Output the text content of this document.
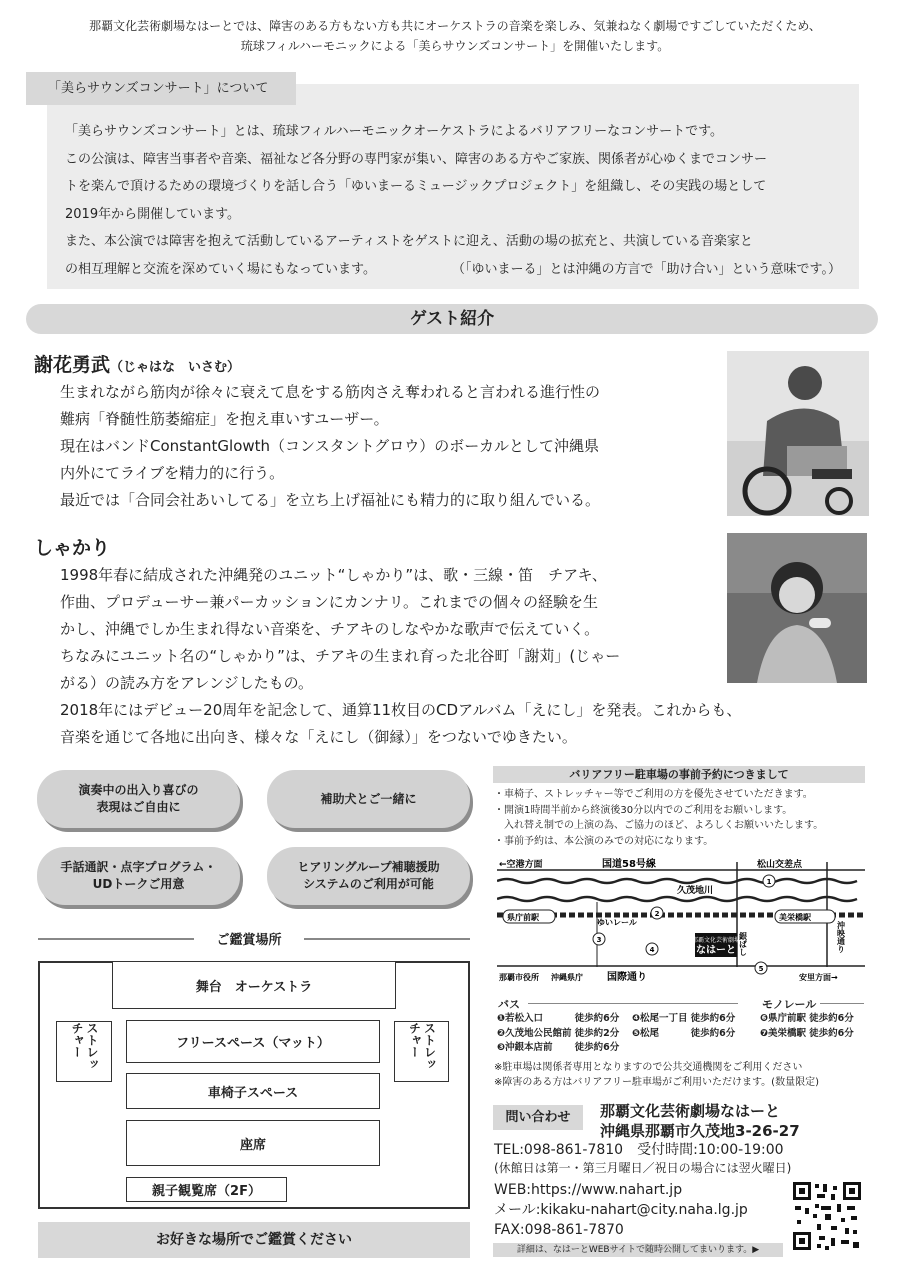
那覇文化芸術劇場なはーとでは、障害のある方もない方も共にオーケストラの音楽を楽しみ、気兼ねなく劇場ですごしていただくため、
琉球フィルハーモニックによる「美らサウンズコンサート」を開催いたします。

「美らサウンズコンサート」とは、琉球フィルハーモニックオーケストラによるバリアフリーなコンサートです。

この公演は、障害当事者や音楽、福祉など各分野の専門家が集い、障害のある方やご家族、関係者が心ゆくまでコンサー

トを楽んで頂けるための環境づくりを話し合う「ゆいまーるミュージックプロジェクト」を組織し、その実践の場として

2019年から開催しています。

また、本公演では障害を抱えて活動しているアーティストをゲストに迎え、活動の場の拡充と、共演している音楽家と

の相互理解と交流を深めていく場にもなっています。	（「ゆいまーる」とは沖縄の方言で「助け合い」という意味です。）

「美らサウンズコンサート」について
ゲスト紹介
謝花勇武（じゃはな　いさむ）
生まれながら筋肉が徐々に衰えて息をする筋肉さえ奪われると言われる進行性の
難病「脊髄性筋萎縮症」を抱え車いすユーザー。
現在はバンドConstantGlowth（コンスタントグロウ）のボーカルとして沖縄県
内外にてライブを精力的に行う。
最近では「合同会社あいしてる」を立ち上げ福祉にも精力的に取り組んでいる。
しゃかり
1998年春に結成された沖縄発のユニット“しゃかり”は、歌・三線・笛　チアキ、
作曲、プロデューサー兼パーカッションにカンナリ。これまでの個々の経験を生
かし、沖縄でしか生まれ得ない音楽を、チアキのしなやかな歌声で伝えていく。
ちなみにユニット名の“しゃかり”は、チアキの生まれ育った北谷町「謝苅」(じゃー
がる）の読み方をアレンジしたもの。
2018年にはデビュー20周年を記念して、通算11枚目のCDアルバム「えにし」を発表。これからも、
音楽を通じて各地に出向き、様々な「えにし（御縁）」をつないでゆきたい。
演奏中の出入り喜びの
表現はご自由に
補助犬とご一緒に
手話通訳・点字プログラム・
UDトークご用意
ヒアリングループ補聴援助
システムのご利用が可能
ご鑑賞場所
舞台　オーケストラ
ストレッチャー	ストレッチャー
フリースペース（マット）
車椅子スペース
座席
親子観覧席（2F）
お好きな場所でご鑑賞ください
バリアフリー駐車場の事前予約につきまして
・車椅子、ストレッチャー等でご利用の方を優先させていただきます。
・開演1時間半前から終演後30分以内でのご利用をお願いします。
　入れ替え制での上演の為、ご協力のほど、よろしくお願いいたします。
・事前予約は、本公演のみでの対応になります。
那覇文化芸術劇場
なはーと
←空港方面	国道58号線	松山交差点
久茂地川
県庁前駅
ゆいレール
美栄橋駅
銀ばし	沖映通り
那覇市役所 沖縄県庁 国際通り	安里方面→
1
2
3
4
5
バス	モノレール
❶若松入口　　　	徒歩約6分
❷久茂地公民館前 徒歩約2分
❸沖銀本店前　　 徒歩約6分
❹松尾一丁目 徒歩約6分
❺松尾　　　	徒歩約6分
❻県庁前駅 徒歩約6分
❼美栄橋駅 徒歩約6分
※駐車場は関係者専用となりますので公共交通機関をご利用ください
※障害のある方はバリアフリー駐車場がご利用いただけます。(数量限定)
問い合わせ	那覇文化芸術劇場なはーと
沖縄県那覇市久茂地3-26-27
TEL:098-861-7810　受付時間:10:00-19:00
(休館日は第一・第三月曜日／祝日の場合には翌火曜日)
WEB:https://www.nahart.jp
メール:kikaku-nahart@city.naha.lg.jp
FAX:098-861-7870
詳細は、なはーとWEBサイトで随時公開してまいります。▶
